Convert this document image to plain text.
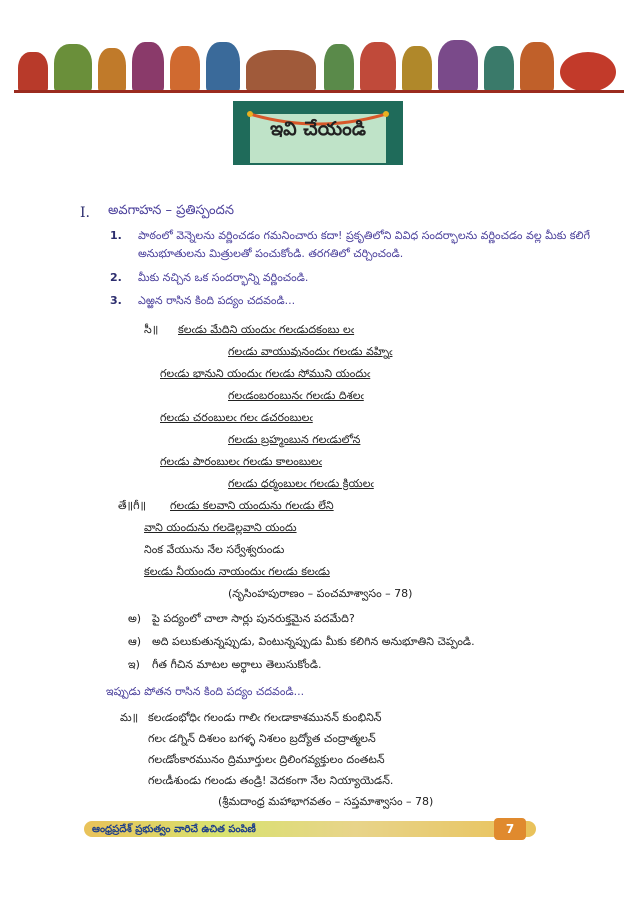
ఇవి చేయండి
I. అవగాహన – ప్రతిస్పందన
1. పాఠంలో వెన్నెలను వర్ణించడం గమనించారు కదా! ప్రకృతిలోని వివిధ సందర్భాలను వర్ణించడం వల్ల మీకు కలిగే
అనుభూతులను మిత్రులతో పంచుకోండి. తరగతిలో చర్చించండి.
2. మీకు నచ్చిన ఒక సందర్భాన్ని వర్ణించండి.
3. ఎఱ్ఱన రాసిన కింది పద్యం చదవండి...
సీ॥ కలఁడు మేదిని యందుఁ గలఁడుదకంబు లఁ
గలఁడు వాయువునందుఁ గలఁడు వహ్నిఁ
గలఁడు భానుని యందుఁ గలఁడు సోముని యందుఁ
గలఁడంబరంబునఁ గలఁడు దిశలఁ
గలఁడు చరంబులఁ గలఁ డచరంబులఁ
గలఁడు బ్రహ్మంబున గలఁడులోన
గలఁడు పారంబులఁ గలఁడు కాలంబులఁ
గలఁడు ధర్మంబులఁ గలఁడు క్రియలఁ
తే॥గీ॥ గలఁడు కలవాని యందును గలఁడు లేని
వాని యందును గలడెల్లవాని యందు
నింక వేయును నేల సర్వేశ్వరుండు
కలఁడు నీయందు నాయందుఁ గలఁడు కలఁడు
(నృసింహపురాణం – పంచమాశ్వాసం – 78)
అ) పై పద్యంలో చాలా సార్లు పునరుక్తమైన పదమేది?
ఆ) అది పలుకుతున్నప్పుడు, వింటున్నప్పుడు మీకు కలిగిన అనుభూతిని చెప్పండి.
ఇ) గీత గీచిన మాటల అర్థాలు తెలుసుకోండి.
ఇప్పుడు పోతన రాసిన కింది పద్యం చదవండి...
మ॥ కలఁడంభోధిఁ గలండు గాలిఁ గలఁడాకాశమునన్ కుంభినిన్
గలఁ డగ్నిన్ దిశలం బగళ్ళ నిశలం బ్రద్యోత చంద్రాత్మలన్
గలఁడోంకారమునం ద్రిమూర్తులఁ ద్రిలింగవ్యక్తులం దంతటన్
గలఁడీశుండు గలండు తండ్రి! వెదకంగా నేల నియ్యాయెడన్.
(శ్రీమదాంధ్ర మహాభాగవతం – సప్తమాశ్వాసం – 78)
ఆంధ్రప్రదేశ్ ప్రభుత్వం వారిచే ఉచిత పంపిణీ	7
